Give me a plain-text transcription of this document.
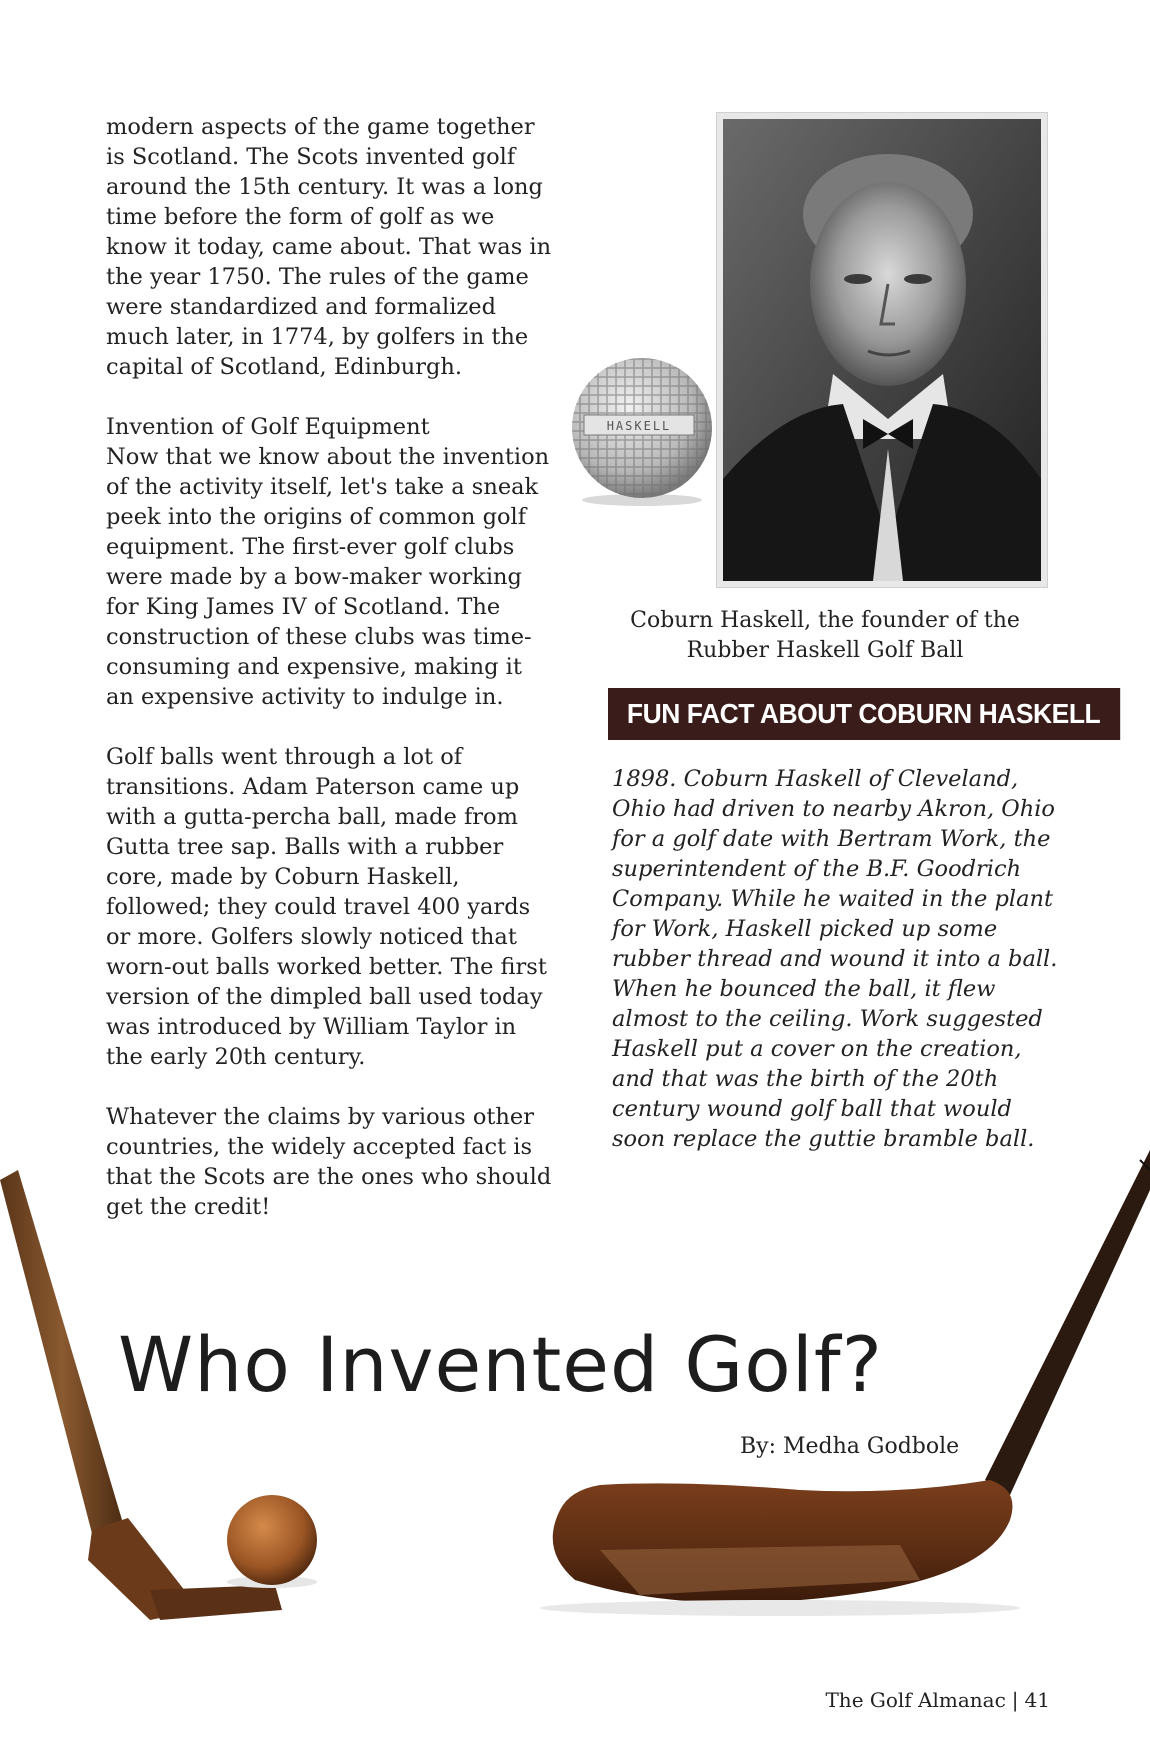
modern aspects of the game together is Scotland. The Scots invented golf around the 15th century. It was a long time before the form of golf as we know it today, came about. That was in the year 1750. The rules of the game were standardized and formalized much later, in 1774, by golfers in the capital of Scotland, Edinburgh.

Invention of Golf Equipment
Now that we know about the invention of the activity itself, let's take a sneak peek into the origins of common golf equipment. The first-ever golf clubs were made by a bow-maker working for King James IV of Scotland. The construction of these clubs was time-consuming and expensive, making it an expensive activity to indulge in.

Golf balls went through a lot of transitions. Adam Paterson came up with a gutta-percha ball, made from Gutta tree sap. Balls with a rubber core, made by Coburn Haskell, followed; they could travel 400 yards or more. Golfers slowly noticed that worn-out balls worked better. The first version of the dimpled ball used today was introduced by William Taylor in the early 20th century.

Whatever the claims by various other countries, the widely accepted fact is that the Scots are the ones who should get the credit!

HASKELL
Coburn Haskell, the founder of the
Rubber Haskell Golf Ball
FUN FACT ABOUT COBURN HASKELL
1898. Coburn Haskell of Cleveland, Ohio had driven to nearby Akron, Ohio for a golf date with Bertram Work, the superintendent of the B.F. Goodrich Company. While he waited in the plant for Work, Haskell picked up some rubber thread and wound it into a ball. When he bounced the ball, it flew almost to the ceiling. Work suggested Haskell put a cover on the creation, and that was the birth of the 20th century wound golf ball that would soon replace the guttie bramble ball.
Who Invented Golf?
By: Medha Godbole
The Golf Almanac | 41
